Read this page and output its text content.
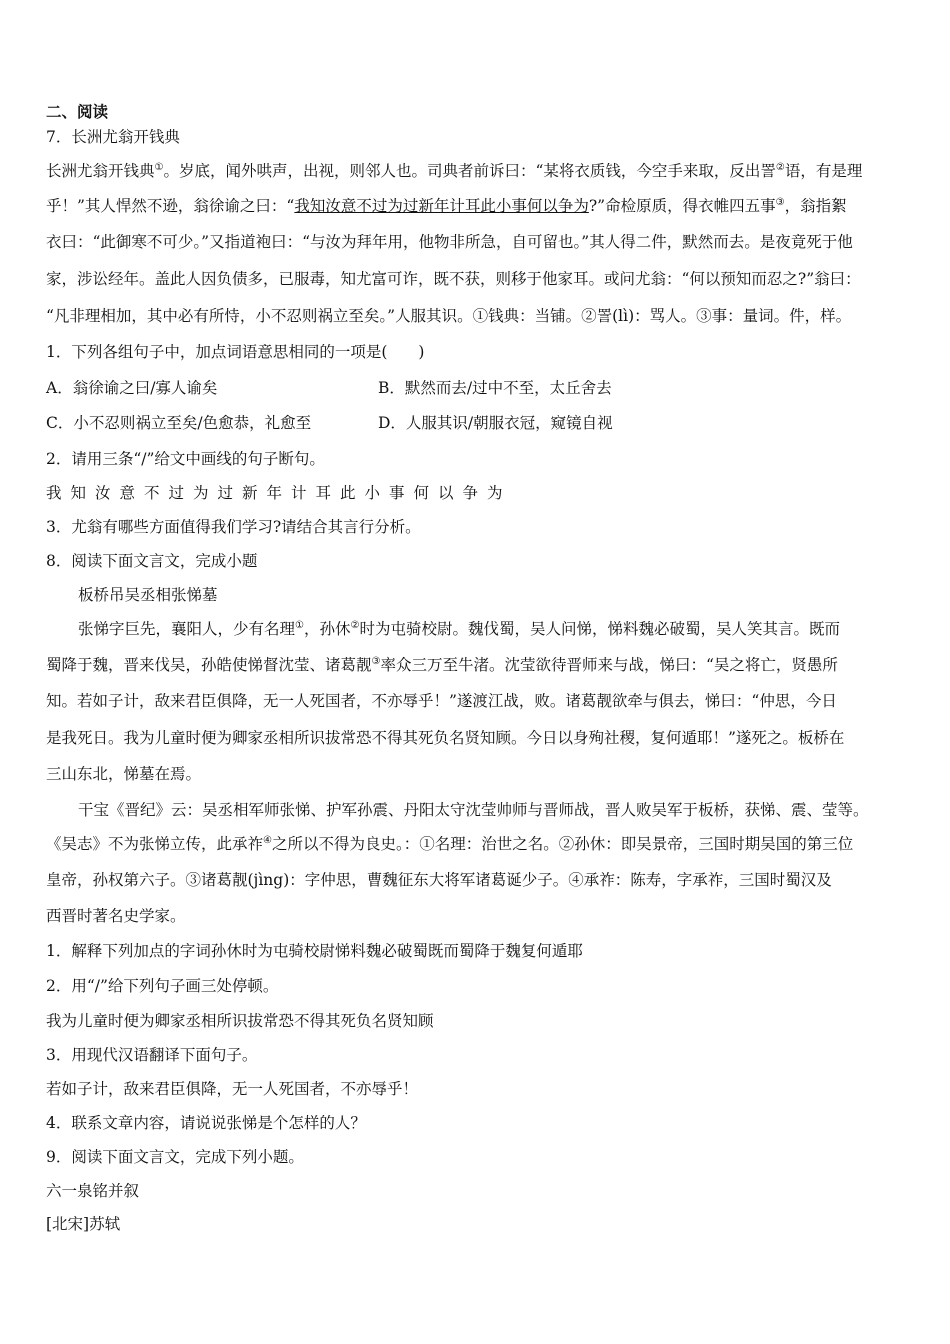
二、阅读
7．长洲尤翁开钱典
长洲尤翁开钱典①。岁底，闻外哄声，出视，则邻人也。司典者前诉曰：“某将衣质钱，今空手来取，反出詈②语，有是理
乎！”其人悍然不逊，翁徐谕之曰：“我知汝意不过为过新年计耳此小事何以争为?”命检原质，得衣帷四五事③，翁指絮
衣曰：“此御寒不可少。”又指道袍曰：“与汝为拜年用，他物非所急，自可留也。”其人得二件，默然而去。是夜竟死于他
家，涉讼经年。盖此人因负债多，已服毒，知尤富可诈，既不获，则移于他家耳。或问尤翁：“何以预知而忍之?”翁曰：
“凡非理相加，其中必有所恃，小不忍则祸立至矣。”人服其识。①钱典：当铺。②詈(lì)：骂人。③事：量词。件，样。
1．下列各组句子中，加点词语意思相同的一项是(　　)
A．翁徐谕之曰/寡人谕矣	B．默然而去/过中不至，太丘舍去
C．小不忍则祸立至矣/色愈恭，礼愈至	D．人服其识/朝服衣冠，窥镜自视
2．请用三条“/”给文中画线的句子断句。
我知汝意不过为过新年计耳此小事何以争为
3．尤翁有哪些方面值得我们学习?请结合其言行分析。
8．阅读下面文言文，完成小题
板桥吊吴丞相张悌墓
张悌字巨先，襄阳人，少有名理①，孙休②时为屯骑校尉。魏伐蜀，吴人问悌，悌料魏必破蜀，吴人笑其言。既而
蜀降于魏，晋来伐吴，孙皓使悌督沈莹、诸葛靓③率众三万至牛渚。沈莹欲待晋师来与战，悌曰：“吴之将亡，贤愚所
知。若如子计，敌来君臣俱降，无一人死国者，不亦辱乎！”遂渡江战，败。诸葛靓欲牵与俱去，悌曰：“仲思，今日
是我死日。我为儿童时便为卿家丞相所识拔常恐不得其死负名贤知顾。今日以身殉社稷，复何遁耶！”遂死之。板桥在
三山东北，悌墓在焉。
干宝《晋纪》云：吴丞相军师张悌、护军孙震、丹阳太守沈莹帅师与晋师战，晋人败吴军于板桥，获悌、震、莹等。
《吴志》不为张悌立传，此承祚④之所以不得为良史。：①名理：治世之名。②孙休：即吴景帝，三国时期吴国的第三位
皇帝，孙权第六子。③诸葛靓(jìng)：字仲思，曹魏征东大将军诸葛诞少子。④承祚：陈寿，字承祚，三国时蜀汉及
西晋时著名史学家。
1．解释下列加点的字词孙休时为屯骑校尉悌料魏必破蜀既而蜀降于魏复何遁耶
2．用“/”给下列句子画三处停顿。
我为儿童时便为卿家丞相所识拔常恐不得其死负名贤知顾
3．用现代汉语翻译下面句子。
若如子计，敌来君臣俱降，无一人死国者，不亦辱乎！
4．联系文章内容，请说说张悌是个怎样的人？
9．阅读下面文言文，完成下列小题。
六一泉铭并叙
[北宋]苏轼
